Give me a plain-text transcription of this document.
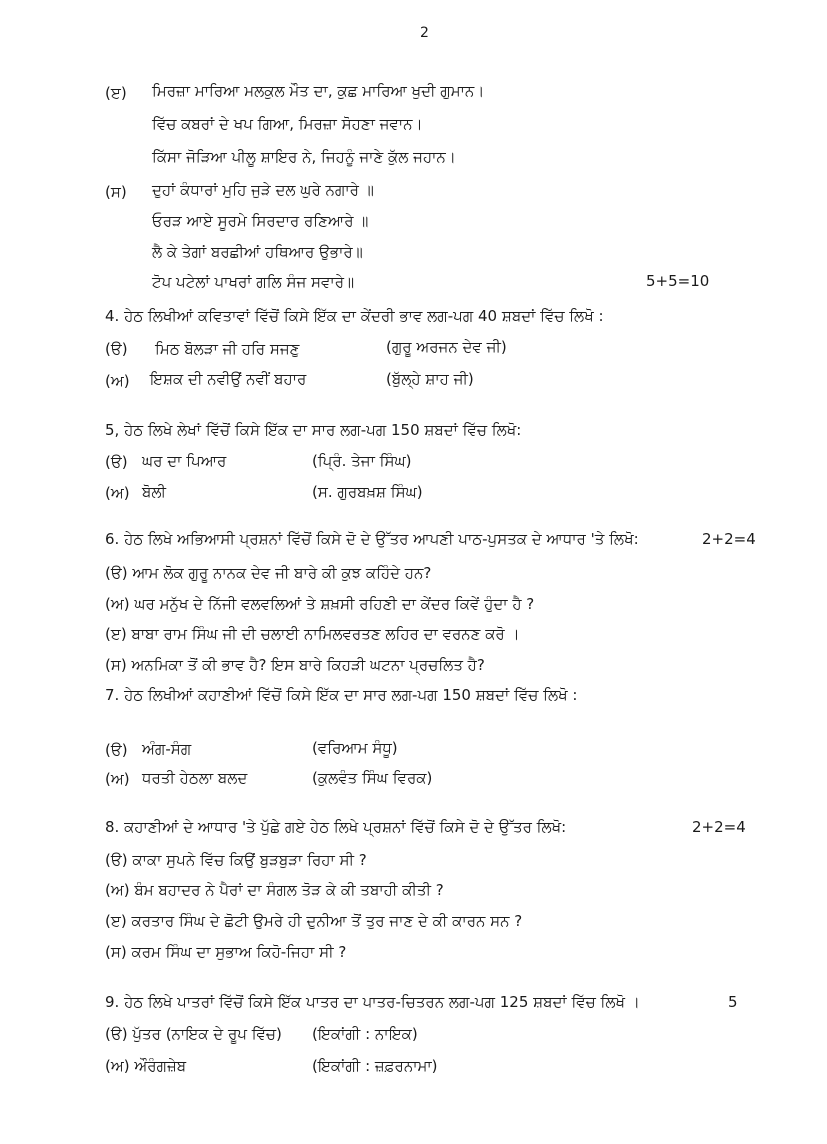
2
(ੲ) ਮਿਰਜ਼ਾ ਮਾਰਿਆ ਮਲਕੁਲ ਮੌਤ ਦਾ, ਕੁਛ ਮਾਰਿਆ ਖੁਦੀ ਗੁਮਾਨ।
ਵਿੱਚ ਕਬਰਾਂ ਦੇ ਖਪ ਗਿਆ, ਮਿਰਜ਼ਾ ਸੋਹਣਾ ਜਵਾਨ।
ਕਿੱਸਾ ਜੋੜਿਆ ਪੀਲੂ ਸ਼ਾਇਰ ਨੇ, ਜਿਹਨੂੰ ਜਾਣੇ ਕੁੱਲ ਜਹਾਨ।
(ਸ) ਦੁਹਾਂ ਕੰਧਾਰਾਂ ਮੁਹਿ ਜੁੜੇ ਦਲ ਘੁਰੇ ਨਗਾਰੇ ॥
ਓਰੜ ਆਏ ਸੂਰਮੇ ਸਿਰਦਾਰ ਰਣਿਆਰੇ ॥
ਲੈ ਕੇ ਤੇਗਾਂ ਬਰਛੀਆਂ ਹਥਿਆਰ ਉਭਾਰੇ॥
ਟੋਪ ਪਟੇਲਾਂ ਪਾਖਰਾਂ ਗਲਿ ਸੰਜ ਸਵਾਰੇ॥	5+5=10
4. ਹੇਠ ਲਿਖੀਆਂ ਕਵਿਤਾਵਾਂ ਵਿੱਚੋਂ ਕਿਸੇ ਇੱਕ ਦਾ ਕੇਂਦਰੀ ਭਾਵ ਲਗ-ਪਗ 40 ਸ਼ਬਦਾਂ ਵਿੱਚ ਲਿਖੋ :
(ੳ) ਮਿਠ ਬੋਲੜਾ ਜੀ ਹਰਿ ਸਜਣੁ	(ਗੁਰੂ ਅਰਜਨ ਦੇਵ ਜੀ)
(ਅ) ਇਸ਼ਕ ਦੀ ਨਵੀਉਂ ਨਵੀਂ ਬਹਾਰ	(ਬੁੱਲ੍ਹੇ ਸ਼ਾਹ ਜੀ)
5, ਹੇਠ ਲਿਖੇ ਲੇਖਾਂ ਵਿੱਚੋਂ ਕਿਸੇ ਇੱਕ ਦਾ ਸਾਰ ਲਗ-ਪਗ 150 ਸ਼ਬਦਾਂ ਵਿੱਚ ਲਿਖੋ:
(ੳ) ਘਰ ਦਾ ਪਿਆਰ	(ਪ੍ਰਿੰ. ਤੇਜਾ ਸਿੰਘ)
(ਅ) ਬੋਲੀ	(ਸ. ਗੁਰਬਖ਼ਸ਼ ਸਿੰਘ)
6. ਹੇਠ ਲਿਖੇ ਅਭਿਆਸੀ ਪ੍ਰਸ਼ਨਾਂ ਵਿੱਚੋਂ ਕਿਸੇ ਦੋ ਦੇ ਉੱਤਰ ਆਪਣੀ ਪਾਠ-ਪੁਸਤਕ ਦੇ ਆਧਾਰ 'ਤੇ ਲਿਖੋ:	2+2=4
(ੳ) ਆਮ ਲੋਕ ਗੁਰੂ ਨਾਨਕ ਦੇਵ ਜੀ ਬਾਰੇ ਕੀ ਕੁਝ ਕਹਿੰਦੇ ਹਨ?
(ਅ) ਘਰ ਮਨੁੱਖ ਦੇ ਨਿੱਜੀ ਵਲਵਲਿਆਂ ਤੇ ਸ਼ਖ਼ਸੀ ਰਹਿਣੀ ਦਾ ਕੇਂਦਰ ਕਿਵੇਂ ਹੁੰਦਾ ਹੈ ?
(ੲ) ਬਾਬਾ ਰਾਮ ਸਿੰਘ ਜੀ ਦੀ ਚਲਾਈ ਨਾਮਿਲਵਰਤਣ ਲਹਿਰ ਦਾ ਵਰਨਣ ਕਰੋ ।
(ਸ) ਅਨਮਿਕਾ ਤੋਂ ਕੀ ਭਾਵ ਹੈ? ਇਸ ਬਾਰੇ ਕਿਹੜੀ ਘਟਨਾ ਪ੍ਰਚਲਿਤ ਹੈ?
7. ਹੇਠ ਲਿਖੀਆਂ ਕਹਾਣੀਆਂ ਵਿੱਚੋਂ ਕਿਸੇ ਇੱਕ ਦਾ ਸਾਰ ਲਗ-ਪਗ 150 ਸ਼ਬਦਾਂ ਵਿੱਚ ਲਿਖੋ :
(ੳ) ਅੰਗ-ਸੰਗ	(ਵਰਿਆਮ ਸੰਧੂ)
(ਅ) ਧਰਤੀ ਹੇਠਲਾ ਬਲਦ	(ਕੁਲਵੰਤ ਸਿੰਘ ਵਿਰਕ)
8. ਕਹਾਣੀਆਂ ਦੇ ਆਧਾਰ 'ਤੇ ਪੁੱਛੇ ਗਏ ਹੇਠ ਲਿਖੇ ਪ੍ਰਸ਼ਨਾਂ ਵਿੱਚੋਂ ਕਿਸੇ ਦੋ ਦੇ ਉੱਤਰ ਲਿਖੋ:	2+2=4
(ੳ) ਕਾਕਾ ਸੁਪਨੇ ਵਿੱਚ ਕਿਉਂ ਬੁੜਬੁੜਾ ਰਿਹਾ ਸੀ ?
(ਅ) ਬੰਮ ਬਹਾਦਰ ਨੇ ਪੈਰਾਂ ਦਾ ਸੰਗਲ ਤੋੜ ਕੇ ਕੀ ਤਬਾਹੀ ਕੀਤੀ ?
(ੲ) ਕਰਤਾਰ ਸਿੰਘ ਦੇ ਛੋਟੀ ਉਮਰੇ ਹੀ ਦੁਨੀਆ ਤੋਂ ਤੁਰ ਜਾਣ ਦੇ ਕੀ ਕਾਰਨ ਸਨ ?
(ਸ) ਕਰਮ ਸਿੰਘ ਦਾ ਸੁਭਾਅ ਕਿਹੋ-ਜਿਹਾ ਸੀ ?
9. ਹੇਠ ਲਿਖੇ ਪਾਤਰਾਂ ਵਿੱਚੋਂ ਕਿਸੇ ਇੱਕ ਪਾਤਰ ਦਾ ਪਾਤਰ-ਚਿਤਰਨ ਲਗ-ਪਗ 125 ਸ਼ਬਦਾਂ ਵਿੱਚ ਲਿਖੋ ।	5
(ੳ) ਪੁੱਤਰ (ਨਾਇਕ ਦੇ ਰੂਪ ਵਿੱਚ) (ਇਕਾਂਗੀ : ਨਾਇਕ)
(ਅ) ਔਰੰਗਜ਼ੇਬ	(ਇਕਾਂਗੀ : ਜ਼ਫ਼ਰਨਾਮਾ)
